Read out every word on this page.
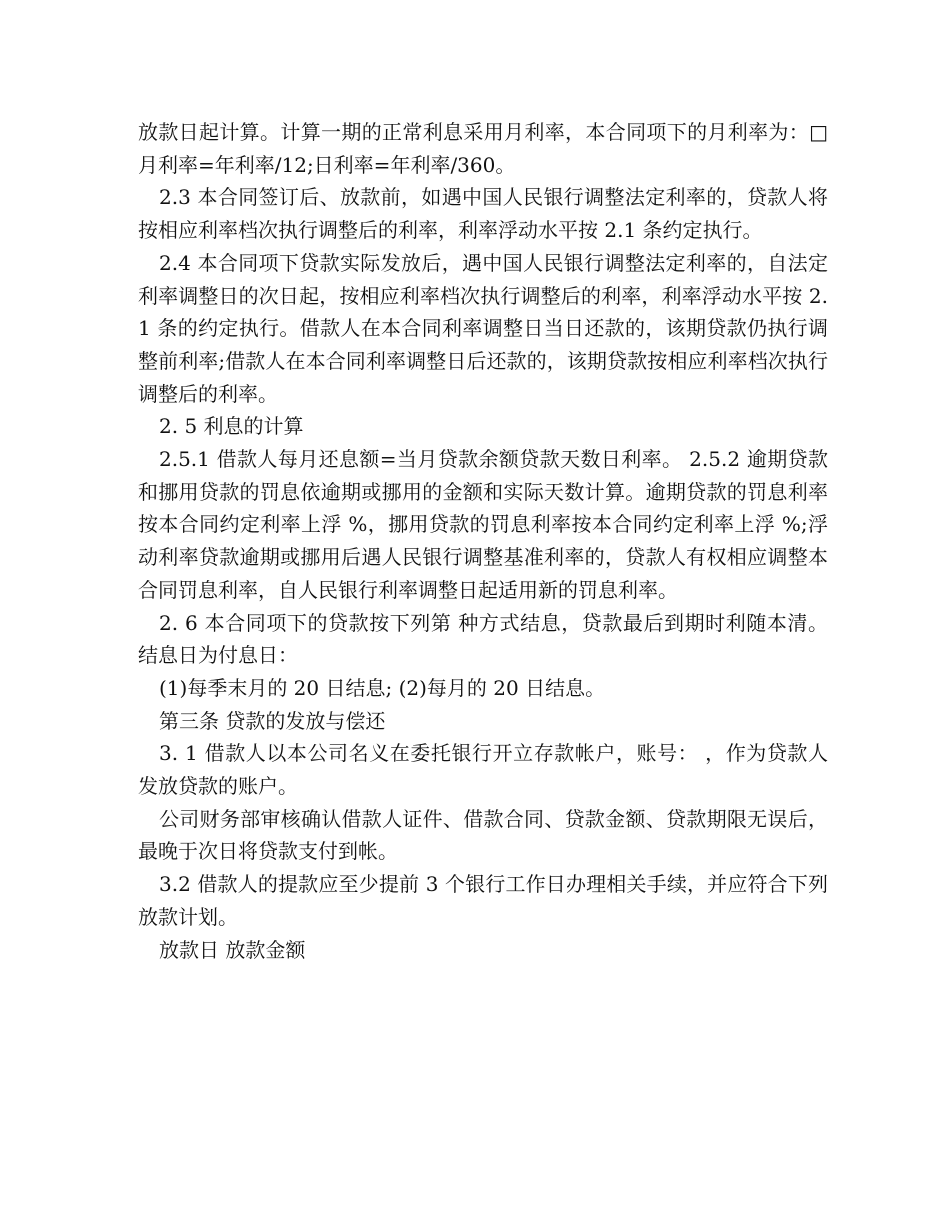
放款日起计算。计算一期的正常利息采用月利率，本合同项下的月利率为：□月利率=年利率/12;日利率=年利率/360。

2.3 本合同签订后、放款前，如遇中国人民银行调整法定利率的，贷款人将按相应利率档次执行调整后的利率，利率浮动水平按 2.1 条约定执行。

2.4 本合同项下贷款实际发放后，遇中国人民银行调整法定利率的，自法定利率调整日的次日起，按相应利率档次执行调整后的利率，利率浮动水平按 2.1 条的约定执行。借款人在本合同利率调整日当日还款的，该期贷款仍执行调整前利率;借款人在本合同利率调整日后还款的，该期贷款按相应利率档次执行调整后的利率。

2. 5 利息的计算

2.5.1 借款人每月还息额=当月贷款余额贷款天数日利率。 2.5.2 逾期贷款和挪用贷款的罚息依逾期或挪用的金额和实际天数计算。逾期贷款的罚息利率按本合同约定利率上浮 %，挪用贷款的罚息利率按本合同约定利率上浮 %;浮动利率贷款逾期或挪用后遇人民银行调整基准利率的，贷款人有权相应调整本合同罚息利率，自人民银行利率调整日起适用新的罚息利率。

2. 6 本合同项下的贷款按下列第 种方式结息，贷款最后到期时利随本清。结息日为付息日：

(1)每季末月的 20 日结息; (2)每月的 20 日结息。

第三条 贷款的发放与偿还

3. 1 借款人以本公司名义在委托银行开立存款帐户，账号： ，作为贷款人发放贷款的账户。

公司财务部审核确认借款人证件、借款合同、贷款金额、贷款期限无误后，最晚于次日将贷款支付到帐。

3.2 借款人的提款应至少提前 3 个银行工作日办理相关手续，并应符合下列放款计划。

放款日 放款金额
